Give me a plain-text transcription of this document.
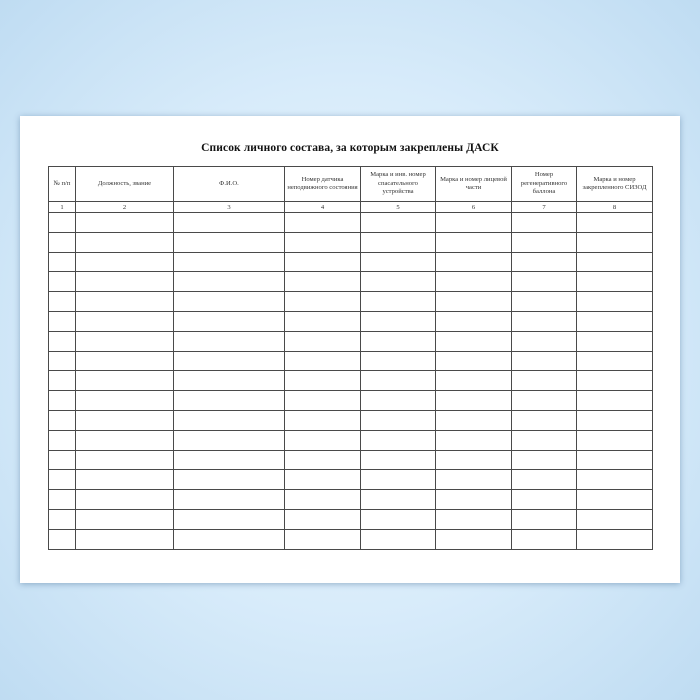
Список личного состава, за которым закреплены ДАСК
№ п/п	Должность, звание	Ф.И.О.	Номер датчика неподвижного состояния	Марка и инв. номер спасательного устройства	Марка и номер лицевой части	Номер регенеративного баллона	Марка и номер закрепленного СИЗОД
1	2	3	4	5	6	7	8
